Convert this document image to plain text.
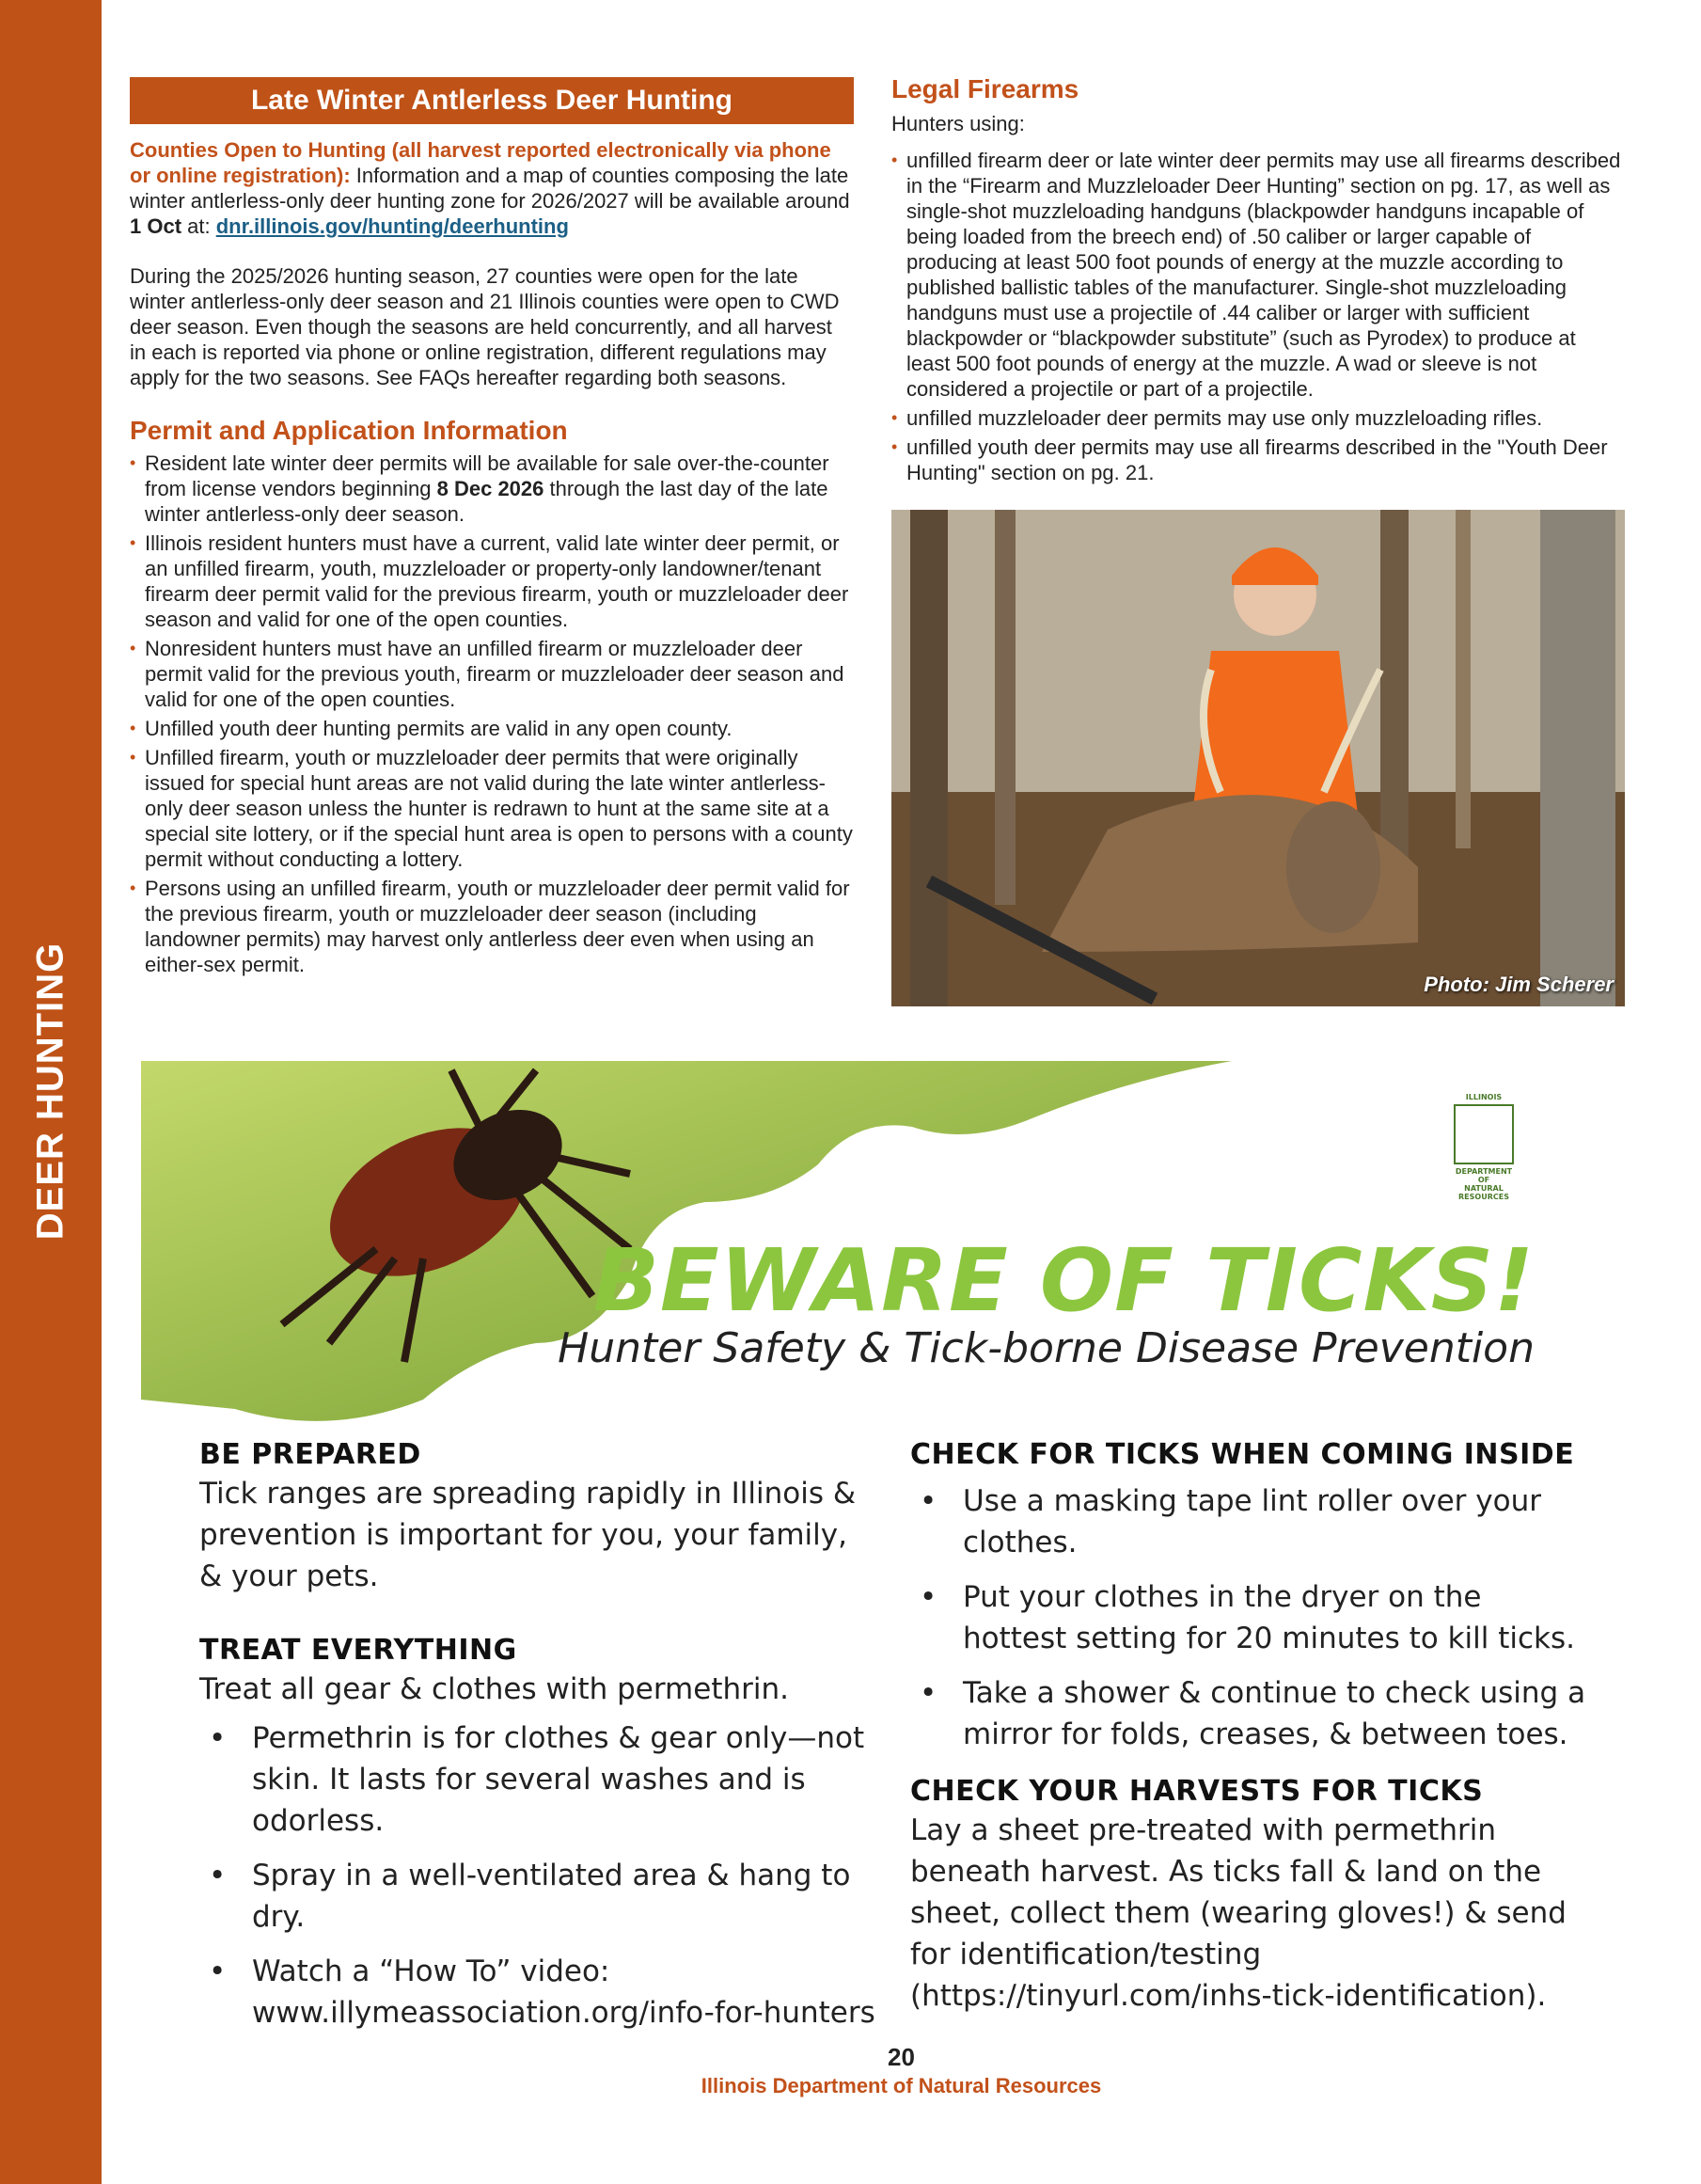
DEER HUNTING
Late Winter Antlerless Deer Hunting

Counties Open to Hunting (all harvest reported electronically via phone or online registration): Information and a map of counties composing the late winter antlerless-only deer hunting zone for 2026/2027 will be available around 1 Oct at: dnr.illinois.gov/hunting/deerhunting

During the 2025/2026 hunting season, 27 counties were open for the late winter antlerless-only deer season and 21 Illinois counties were open to CWD deer season. Even though the seasons are held concurrently, and all harvest in each is reported via phone or online registration, different regulations may apply for the two seasons. See FAQs hereafter regarding both seasons.

Permit and Application Information
• Resident late winter deer permits will be available for sale over-the-counter from license vendors beginning 8 Dec 2026 through the last day of the late winter antlerless-only deer season.
• Illinois resident hunters must have a current, valid late winter deer permit, or an unfilled firearm, youth, muzzleloader or property-only landowner/tenant firearm deer permit valid for the previous firearm, youth or muzzleloader deer season and valid for one of the open counties.
• Nonresident hunters must have an unfilled firearm or muzzleloader deer permit valid for the previous youth, firearm or muzzleloader deer season and valid for one of the open counties.
• Unfilled youth deer hunting permits are valid in any open county.
• Unfilled firearm, youth or muzzleloader deer permits that were originally issued for special hunt areas are not valid during the late winter antlerless-only deer season unless the hunter is redrawn to hunt at the same site at a special site lottery, or if the special hunt area is open to persons with a county permit without conducting a lottery.
• Persons using an unfilled firearm, youth or muzzleloader deer permit valid for the previous firearm, youth or muzzleloader deer season (including landowner permits) may harvest only antlerless deer even when using an either-sex permit.
Legal Firearms

Hunters using:

• unfilled firearm deer or late winter deer permits may use all firearms described in the “Firearm and Muzzleloader Deer Hunting” section on pg. 17, as well as single-shot muzzleloading handguns (blackpowder handguns incapable of being loaded from the breech end) of .50 caliber or larger capable of producing at least 500 foot pounds of energy at the muzzle according to published ballistic tables of the manufacturer. Single-shot muzzleloading handguns must use a projectile of .44 caliber or larger with sufficient blackpowder or “blackpowder substitute” (such as Pyrodex) to produce at least 500 foot pounds of energy at the muzzle. A wad or sleeve is not considered a projectile or part of a projectile.
• unfilled muzzleloader deer permits may use only muzzleloading rifles.
• unfilled youth deer permits may use all firearms described in the "Youth Deer Hunting" section on pg. 21.
Photo: Jim Scherer
ILLINOIS
DEPARTMENT OF
NATURAL
RESOURCES
BEWARE OF TICKS!
Hunter Safety & Tick-borne Disease Prevention
BE PREPARED

Tick ranges are spreading rapidly in Illinois & prevention is important for you, your family, & your pets.

TREAT EVERYTHING

Treat all gear & clothes with permethrin.

• Permethrin is for clothes & gear only—not skin. It lasts for several washes and is odorless.
• Spray in a well-ventilated area & hang to dry.
• Watch a “How To” video: www.illymeassociation.org/info-for-hunters
CHECK FOR TICKS WHEN COMING INSIDE
• Use a masking tape lint roller over your clothes.
• Put your clothes in the dryer on the hottest setting for 20 minutes to kill ticks.
• Take a shower & continue to check using a mirror for folds, creases, & between toes.
CHECK YOUR HARVESTS FOR TICKS

Lay a sheet pre-treated with permethrin beneath harvest. As ticks fall & land on the sheet, collect them (wearing gloves!) & send for identification/testing (https://tinyurl.com/inhs-tick-identification).

20
Illinois Department of Natural Resources
